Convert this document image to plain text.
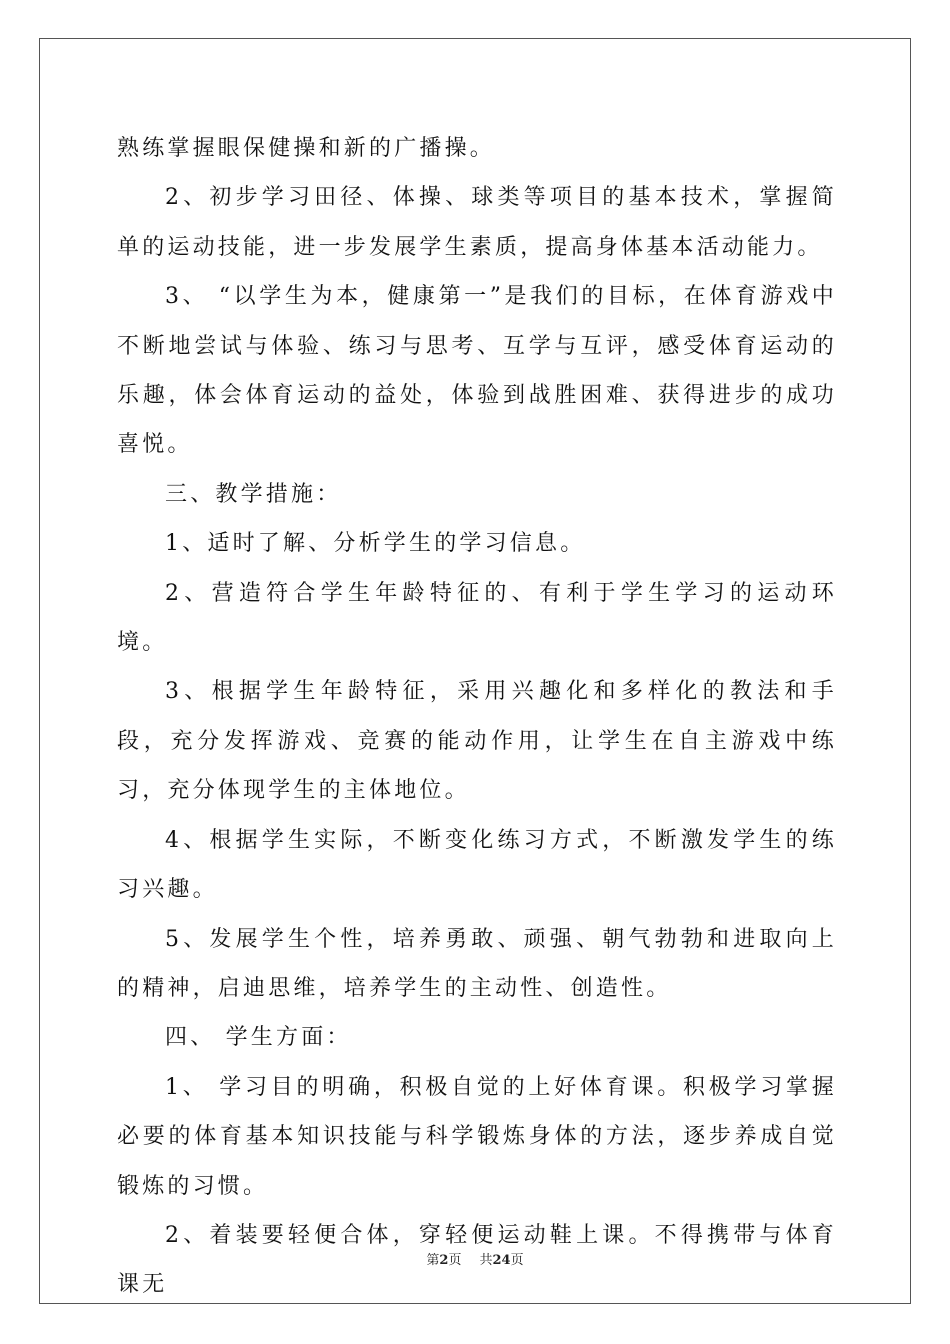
熟练掌握眼保健操和新的广播操。

2、初步学习田径、体操、球类等项目的基本技术，掌握简单的运动技能，进一步发展学生素质，提高身体基本活动能力。

3、 “以学生为本，健康第一”是我们的目标，在体育游戏中不断地尝试与体验、练习与思考、互学与互评，感受体育运动的乐趣，体会体育运动的益处，体验到战胜困难、获得进步的成功喜悦。

三、教学措施：

1、适时了解、分析学生的学习信息。

2、营造符合学生年龄特征的、有利于学生学习的运动环境。

3、根据学生年龄特征，采用兴趣化和多样化的教法和手段，充分发挥游戏、竞赛的能动作用，让学生在自主游戏中练习，充分体现学生的主体地位。

4、根据学生实际，不断变化练习方式，不断激发学生的练习兴趣。

5、发展学生个性，培养勇敢、顽强、朝气勃勃和进取向上的精神，启迪思维，培养学生的主动性、创造性。

四、 学生方面：

1、 学习目的明确，积极自觉的上好体育课。积极学习掌握必要的体育基本知识技能与科学锻炼身体的方法，逐步养成自觉锻炼的习惯。

2、着装要轻便合体，穿轻便运动鞋上课。不得携带与体育课无

第2页 共24页
